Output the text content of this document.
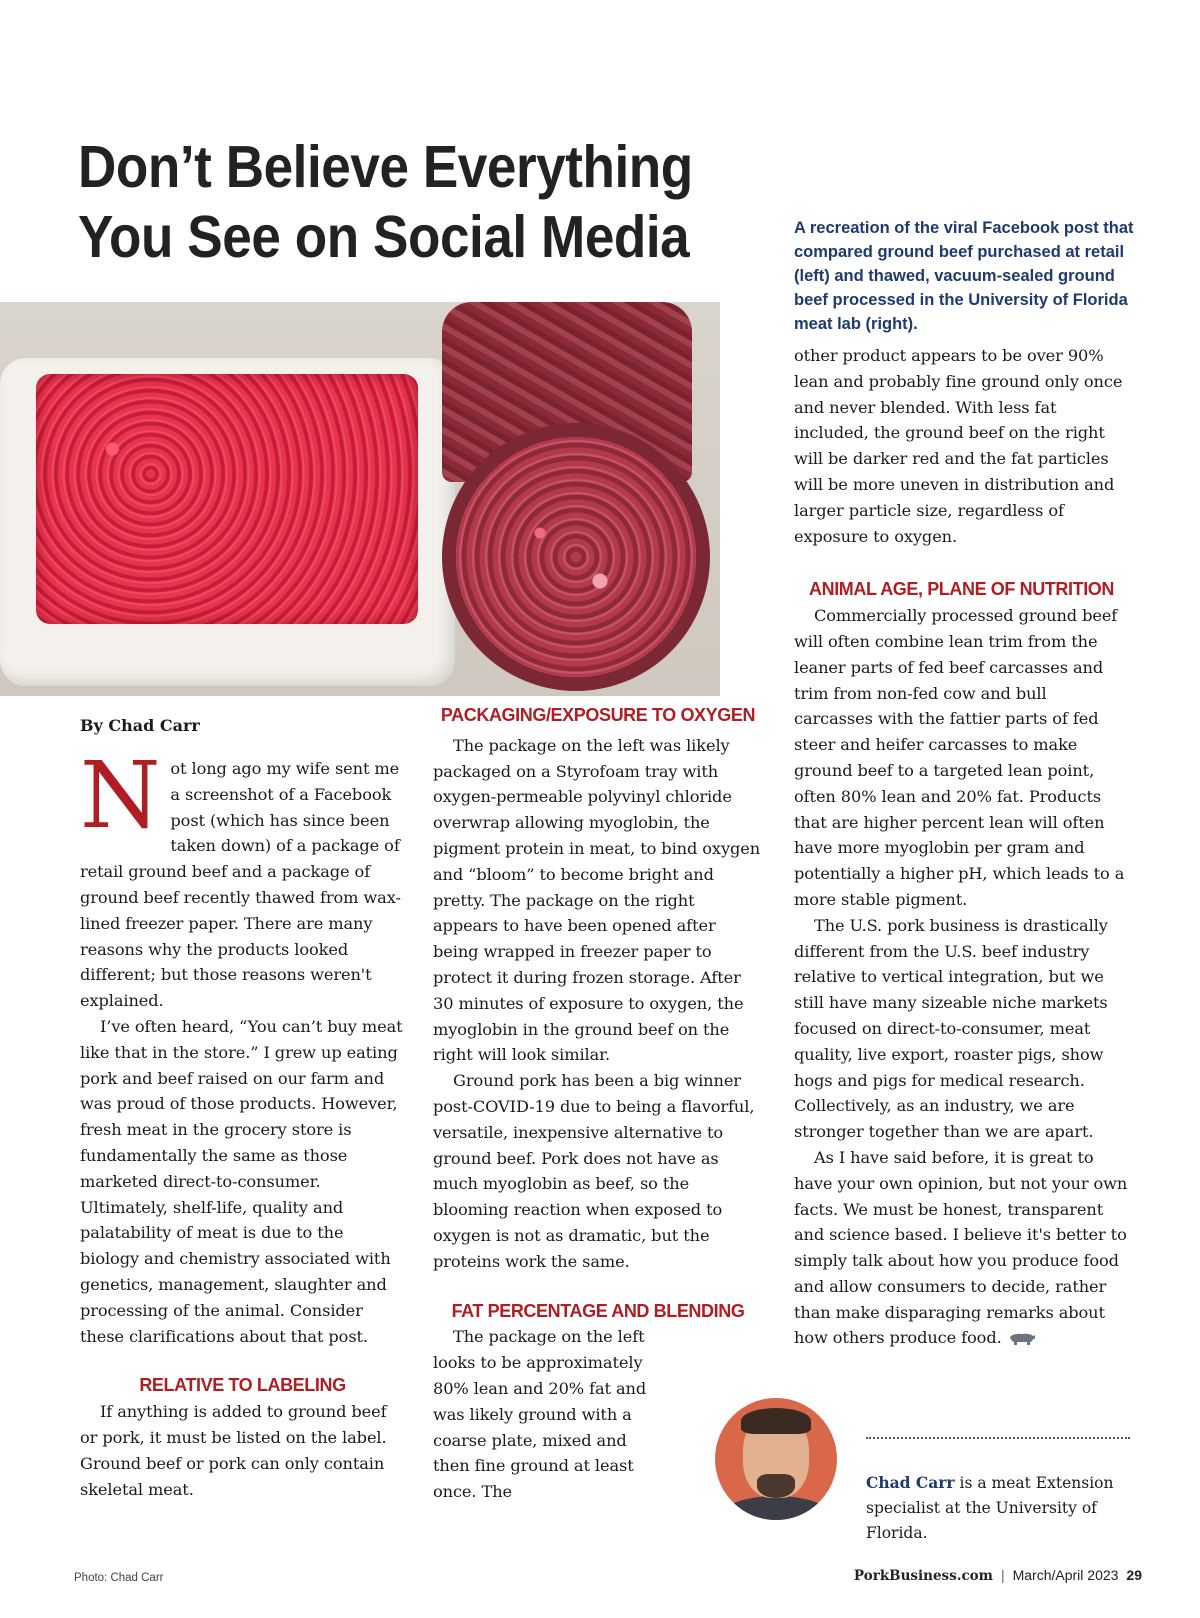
Don’t Believe Everything
You See on Social Media	A recreation of the viral Facebook post that compared ground beef purchased at retail (left) and thawed, vacuum-sealed ground beef processed in the University of Florida meat lab (right).

By Chad Carr

Not long ago my wife sent me a screenshot of a Facebook post (which has since been taken down) of a package of retail ground beef and a package of ground beef recently thawed from wax-lined freezer paper. There are many reasons why the products looked different; but those reasons weren't explained.

I’ve often heard, “You can’t buy meat like that in the store.” I grew up eating pork and beef raised on our farm and was proud of those products. However, fresh meat in the grocery store is fundamentally the same as those marketed direct-to-consumer. Ultimately, shelf-life, quality and palatability of meat is due to the biology and chemistry associated with genetics, management, slaughter and processing of the animal. Consider these clarifications about that post.

RELATIVE TO LABELING

If anything is added to ground beef or pork, it must be listed on the label. Ground beef or pork can only contain skeletal meat.

PACKAGING/EXPOSURE TO OXYGEN

The package on the left was likely packaged on a Styrofoam tray with oxygen-permeable polyvinyl chloride overwrap allowing myoglobin, the pigment protein in meat, to bind oxygen and “bloom” to become bright and pretty. The package on the right appears to have been opened after being wrapped in freezer paper to protect it during frozen storage. After 30 minutes of exposure to oxygen, the myoglobin in the ground beef on the right will look similar.

Ground pork has been a big winner post-COVID-19 due to being a flavorful, versatile, inexpensive alternative to ground beef. Pork does not have as much myoglobin as beef, so the blooming reaction when exposed to oxygen is not as dramatic, but the proteins work the same.

FAT PERCENTAGE AND BLENDING

The package on the left looks to be approximately 80% lean and 20% fat and was likely ground with a coarse plate, mixed and then fine ground at least once. The

other product appears to be over 90% lean and probably fine ground only once and never blended. With less fat included, the ground beef on the right will be darker red and the fat particles will be more uneven in distribution and larger particle size, regardless of exposure to oxygen.

ANIMAL AGE, PLANE OF NUTRITION

Commercially processed ground beef will often combine lean trim from the leaner parts of fed beef carcasses and trim from non-fed cow and bull carcasses with the fattier parts of fed steer and heifer carcasses to make ground beef to a targeted lean point, often 80% lean and 20% fat. Products that are higher percent lean will often have more myoglobin per gram and potentially a higher pH, which leads to a more stable pigment.

The U.S. pork business is drastically different from the U.S. beef industry relative to vertical integration, but we still have many sizeable niche markets focused on direct-to-consumer, meat quality, live export, roaster pigs, show hogs and pigs for medical research. Collectively, as an industry, we are stronger together than we are apart.

As I have said before, it is great to have your own opinion, but not your own facts. We must be honest, transparent and science based. I believe it's better to simply talk about how you produce food and allow consumers to decide, rather than make disparaging remarks about how others produce food.

Chad Carr is a meat Extension specialist at the University of Florida.

Photo: Chad Carr	PorkBusiness.com | March/April 2023 29
